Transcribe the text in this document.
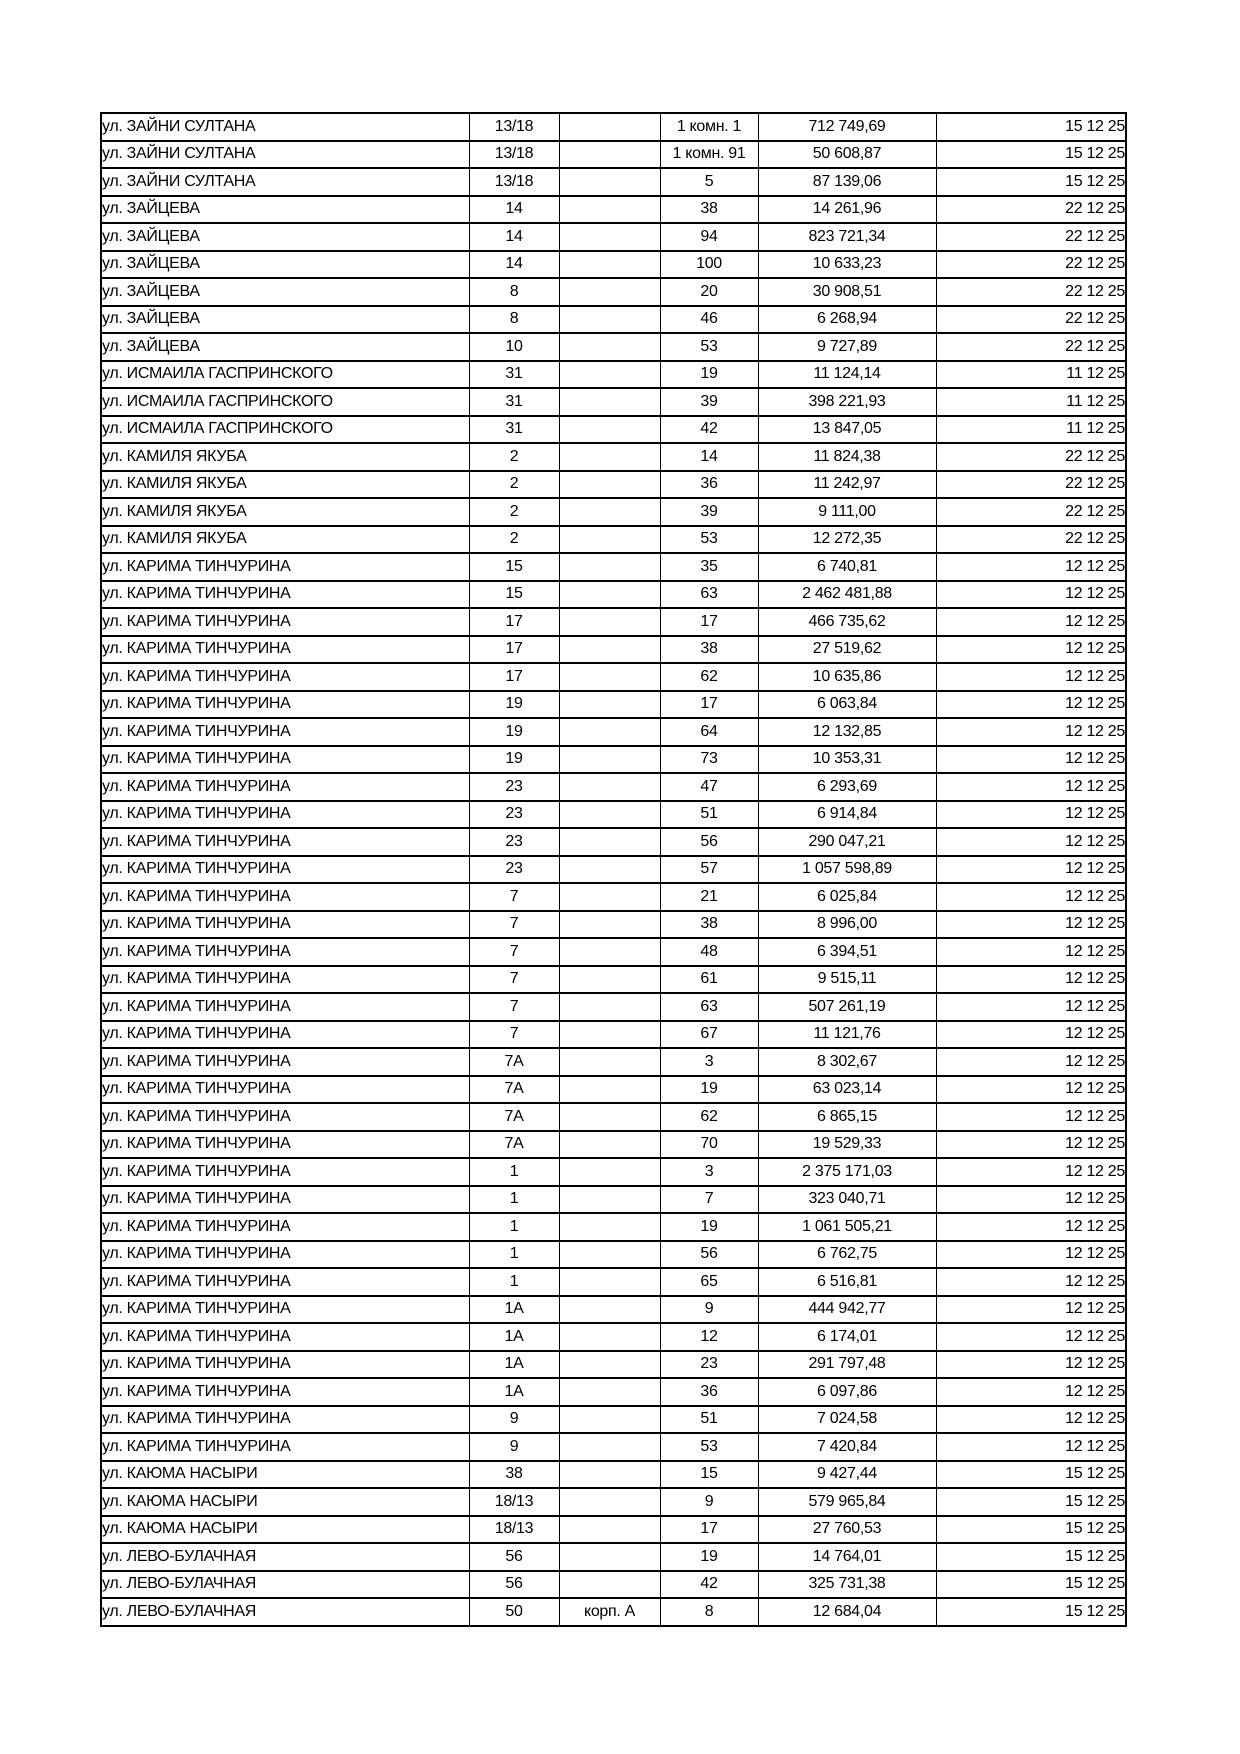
ул. ЗАЙНИ СУЛТАНА	13/18		1 комн. 1	712 749,69	15 12 25
ул. ЗАЙНИ СУЛТАНА	13/18		1 комн. 91	50 608,87	15 12 25
ул. ЗАЙНИ СУЛТАНА	13/18		5	87 139,06	15 12 25
ул. ЗАЙЦЕВА	14		38	14 261,96	22 12 25
ул. ЗАЙЦЕВА	14		94	823 721,34	22 12 25
ул. ЗАЙЦЕВА	14		100	10 633,23	22 12 25
ул. ЗАЙЦЕВА	8		20	30 908,51	22 12 25
ул. ЗАЙЦЕВА	8		46	6 268,94	22 12 25
ул. ЗАЙЦЕВА	10		53	9 727,89	22 12 25
ул. ИСМАИЛА ГАСПРИНСКОГО	31		19	11 124,14	11 12 25
ул. ИСМАИЛА ГАСПРИНСКОГО	31		39	398 221,93	11 12 25
ул. ИСМАИЛА ГАСПРИНСКОГО	31		42	13 847,05	11 12 25
ул. КАМИЛЯ ЯКУБА	2		14	11 824,38	22 12 25
ул. КАМИЛЯ ЯКУБА	2		36	11 242,97	22 12 25
ул. КАМИЛЯ ЯКУБА	2		39	9 111,00	22 12 25
ул. КАМИЛЯ ЯКУБА	2		53	12 272,35	22 12 25
ул. КАРИМА ТИНЧУРИНА	15		35	6 740,81	12 12 25
ул. КАРИМА ТИНЧУРИНА	15		63	2 462 481,88	12 12 25
ул. КАРИМА ТИНЧУРИНА	17		17	466 735,62	12 12 25
ул. КАРИМА ТИНЧУРИНА	17		38	27 519,62	12 12 25
ул. КАРИМА ТИНЧУРИНА	17		62	10 635,86	12 12 25
ул. КАРИМА ТИНЧУРИНА	19		17	6 063,84	12 12 25
ул. КАРИМА ТИНЧУРИНА	19		64	12 132,85	12 12 25
ул. КАРИМА ТИНЧУРИНА	19		73	10 353,31	12 12 25
ул. КАРИМА ТИНЧУРИНА	23		47	6 293,69	12 12 25
ул. КАРИМА ТИНЧУРИНА	23		51	6 914,84	12 12 25
ул. КАРИМА ТИНЧУРИНА	23		56	290 047,21	12 12 25
ул. КАРИМА ТИНЧУРИНА	23		57	1 057 598,89	12 12 25
ул. КАРИМА ТИНЧУРИНА	7		21	6 025,84	12 12 25
ул. КАРИМА ТИНЧУРИНА	7		38	8 996,00	12 12 25
ул. КАРИМА ТИНЧУРИНА	7		48	6 394,51	12 12 25
ул. КАРИМА ТИНЧУРИНА	7		61	9 515,11	12 12 25
ул. КАРИМА ТИНЧУРИНА	7		63	507 261,19	12 12 25
ул. КАРИМА ТИНЧУРИНА	7		67	11 121,76	12 12 25
ул. КАРИМА ТИНЧУРИНА	7А		3	8 302,67	12 12 25
ул. КАРИМА ТИНЧУРИНА	7А		19	63 023,14	12 12 25
ул. КАРИМА ТИНЧУРИНА	7А		62	6 865,15	12 12 25
ул. КАРИМА ТИНЧУРИНА	7А		70	19 529,33	12 12 25
ул. КАРИМА ТИНЧУРИНА	1		3	2 375 171,03	12 12 25
ул. КАРИМА ТИНЧУРИНА	1		7	323 040,71	12 12 25
ул. КАРИМА ТИНЧУРИНА	1		19	1 061 505,21	12 12 25
ул. КАРИМА ТИНЧУРИНА	1		56	6 762,75	12 12 25
ул. КАРИМА ТИНЧУРИНА	1		65	6 516,81	12 12 25
ул. КАРИМА ТИНЧУРИНА	1А		9	444 942,77	12 12 25
ул. КАРИМА ТИНЧУРИНА	1А		12	6 174,01	12 12 25
ул. КАРИМА ТИНЧУРИНА	1А		23	291 797,48	12 12 25
ул. КАРИМА ТИНЧУРИНА	1А		36	6 097,86	12 12 25
ул. КАРИМА ТИНЧУРИНА	9		51	7 024,58	12 12 25
ул. КАРИМА ТИНЧУРИНА	9		53	7 420,84	12 12 25
ул. КАЮМА НАСЫРИ	38		15	9 427,44	15 12 25
ул. КАЮМА НАСЫРИ	18/13		9	579 965,84	15 12 25
ул. КАЮМА НАСЫРИ	18/13		17	27 760,53	15 12 25
ул. ЛЕВО-БУЛАЧНАЯ	56		19	14 764,01	15 12 25
ул. ЛЕВО-БУЛАЧНАЯ	56		42	325 731,38	15 12 25
ул. ЛЕВО-БУЛАЧНАЯ	50	корп. А	8	12 684,04	15 12 25
